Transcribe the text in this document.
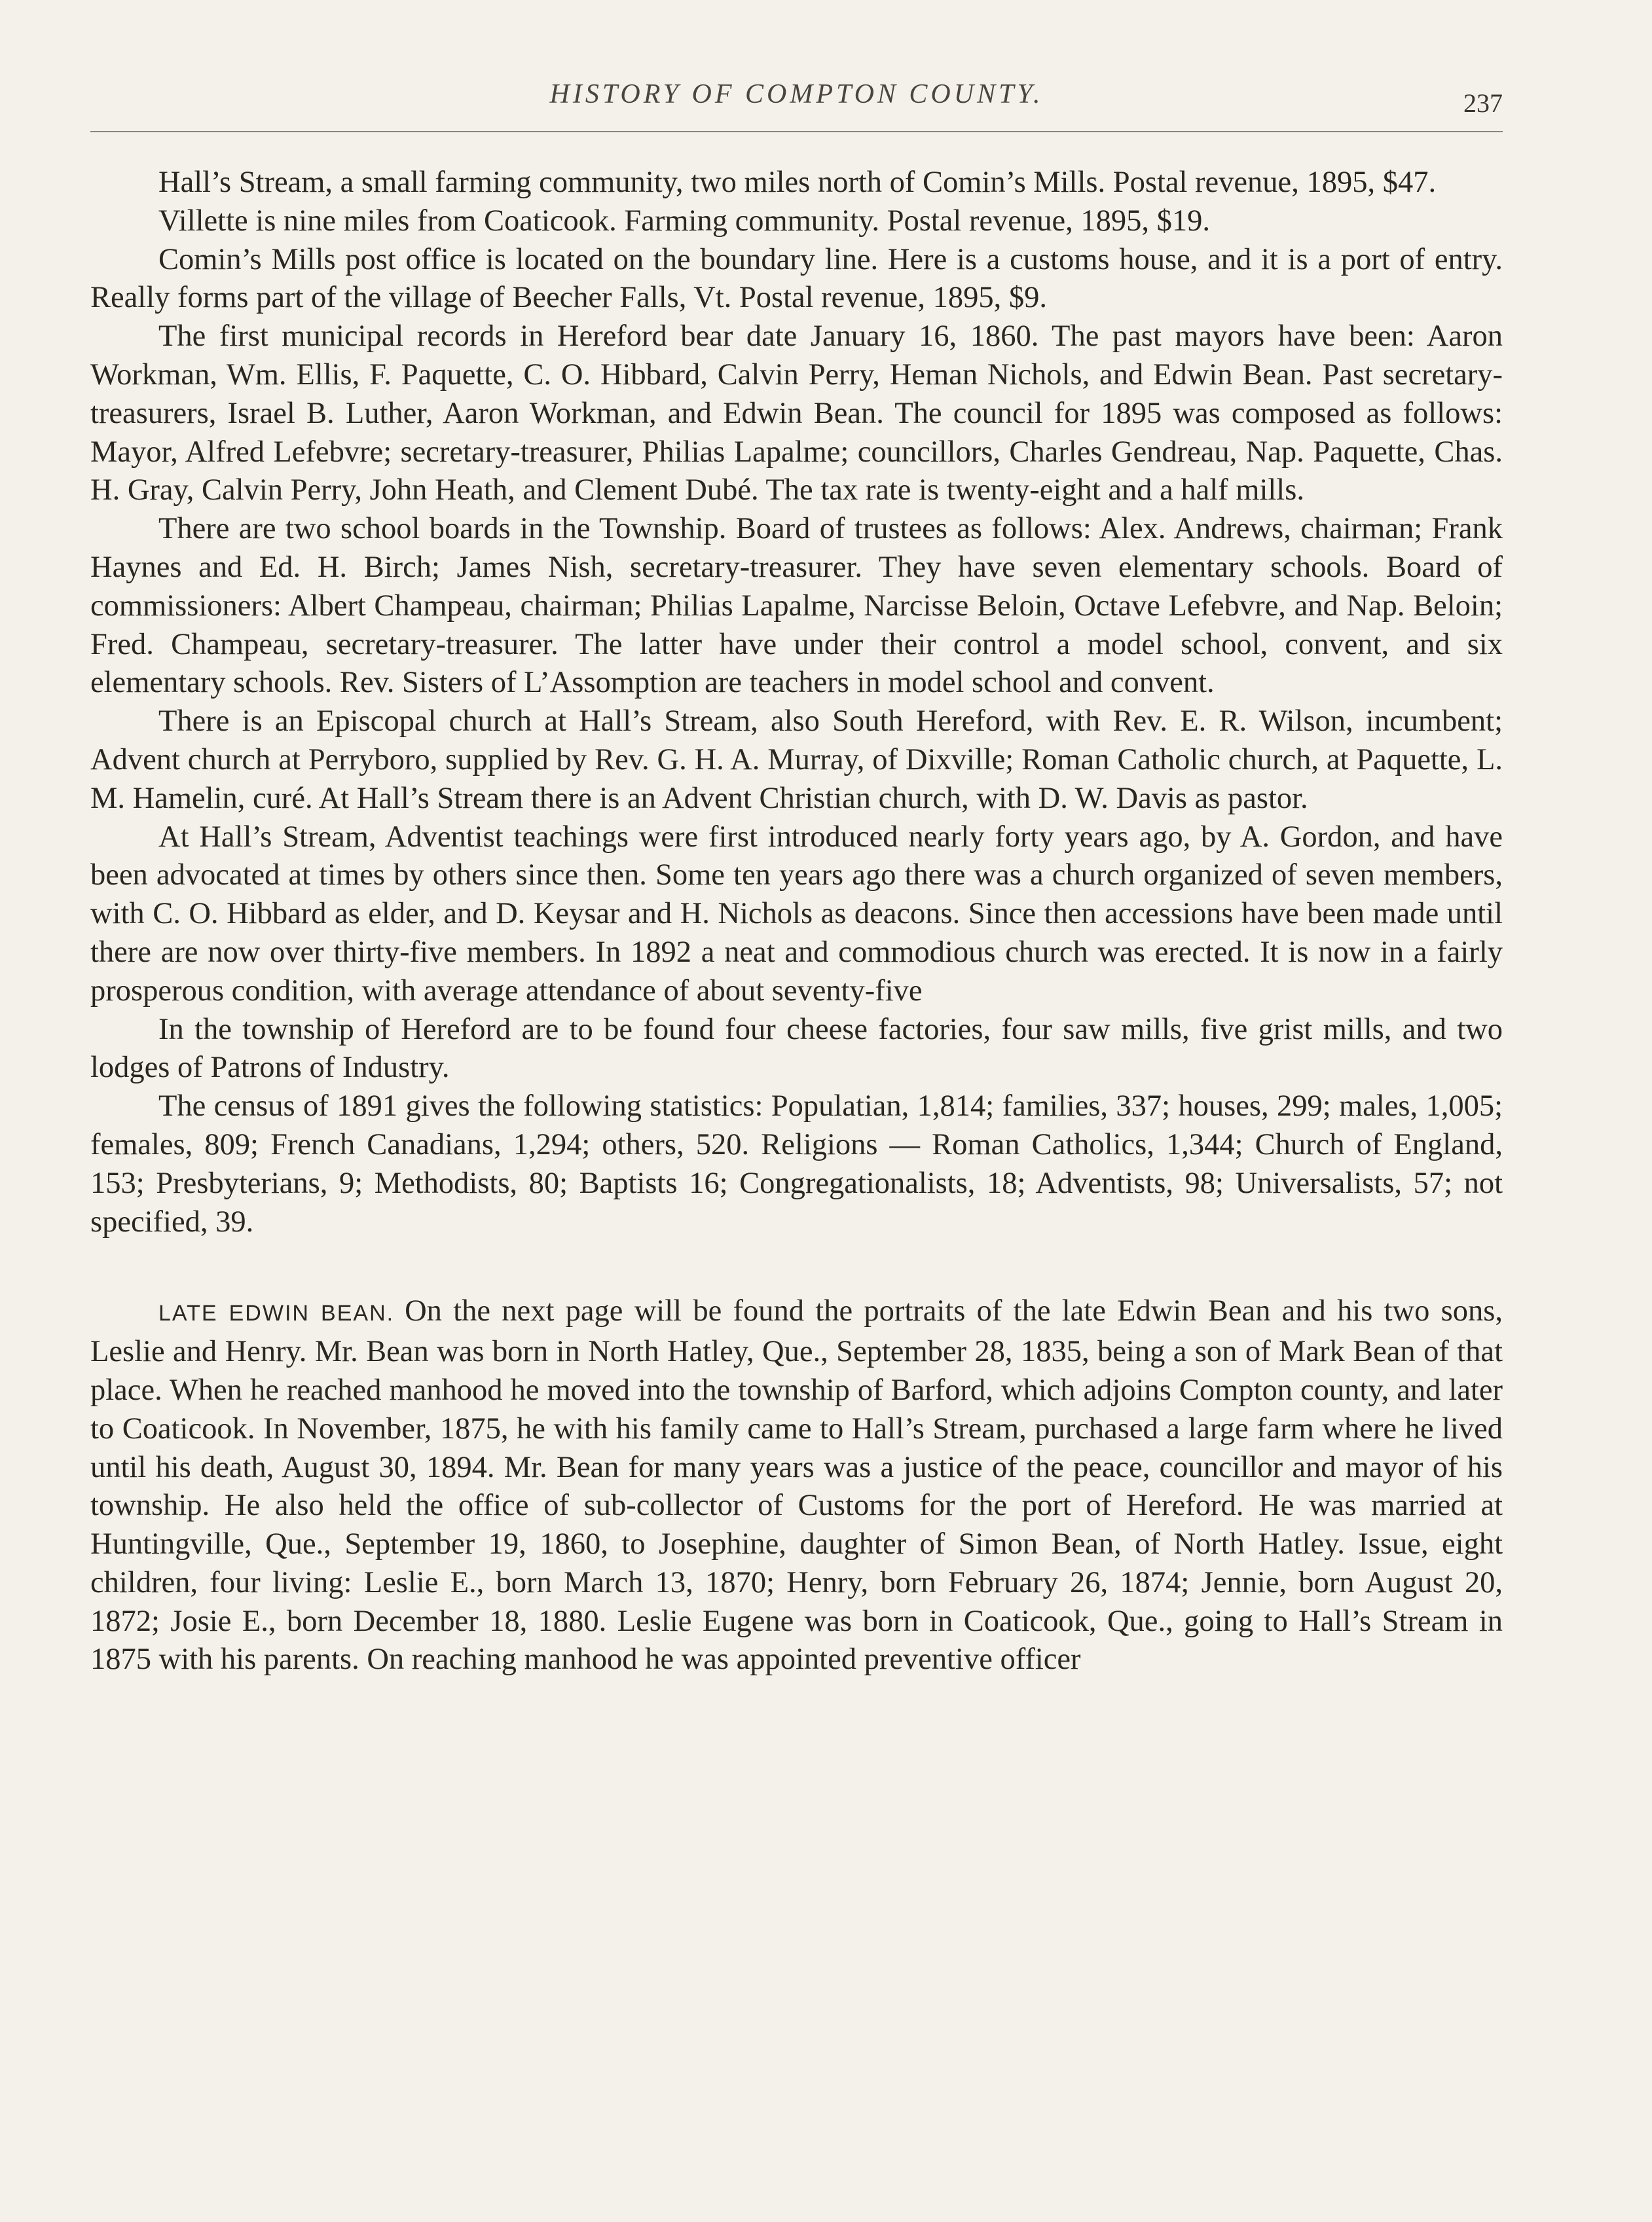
HISTORY OF COMPTON COUNTY.	237

Hall’s Stream, a small farming community, two miles north of Comin’s Mills. Postal revenue, 1895, $47.

Villette is nine miles from Coaticook. Farming community. Postal revenue, 1895, $19.

Comin’s Mills post office is located on the boundary line. Here is a customs house, and it is a port of entry. Really forms part of the village of Beecher Falls, Vt. Postal revenue, 1895, $9.

The first municipal records in Hereford bear date January 16, 1860. The past mayors have been: Aaron Workman, Wm. Ellis, F. Paquette, C. O. Hibbard, Calvin Perry, Heman Nichols, and Edwin Bean. Past secretary-treasurers, Israel B. Luther, Aaron Workman, and Edwin Bean. The council for 1895 was composed as follows: Mayor, Alfred Lefebvre; secretary-treasurer, Philias Lapalme; councillors, Charles Gendreau, Nap. Paquette, Chas. H. Gray, Calvin Perry, John Heath, and Clement Dubé. The tax rate is twenty-eight and a half mills.

There are two school boards in the Township. Board of trustees as follows: Alex. Andrews, chairman; Frank Haynes and Ed. H. Birch; James Nish, secretary-treasurer. They have seven elementary schools. Board of commissioners: Albert Champeau, chairman; Philias Lapalme, Narcisse Beloin, Octave Lefebvre, and Nap. Beloin; Fred. Champeau, secretary-treasurer. The latter have under their control a model school, convent, and six elementary schools. Rev. Sisters of L’Assomption are teachers in model school and convent.

There is an Episcopal church at Hall’s Stream, also South Hereford, with Rev. E. R. Wilson, incumbent; Advent church at Perryboro, supplied by Rev. G. H. A. Murray, of Dixville; Roman Catholic church, at Paquette, L. M. Hamelin, curé. At Hall’s Stream there is an Advent Christian church, with D. W. Davis as pastor.

At Hall’s Stream, Adventist teachings were first introduced nearly forty years ago, by A. Gordon, and have been advocated at times by others since then. Some ten years ago there was a church organized of seven members, with C. O. Hibbard as elder, and D. Keysar and H. Nichols as deacons. Since then accessions have been made until there are now over thirty-five members. In 1892 a neat and commodious church was erected. It is now in a fairly prosperous condition, with average attendance of about seventy-five

In the township of Hereford are to be found four cheese factories, four saw mills, five grist mills, and two lodges of Patrons of Industry.

The census of 1891 gives the following statistics: Populatian, 1,814; families, 337; houses, 299; males, 1,005; females, 809; French Canadians, 1,294; others, 520. Religions — Roman Catholics, 1,344; Church of England, 153; Presbyterians, 9; Methodists, 80; Baptists 16; Congregationalists, 18; Adventists, 98; Universalists, 57; not specified, 39.

LATE EDWIN BEAN. On the next page will be found the portraits of the late Edwin Bean and his two sons, Leslie and Henry. Mr. Bean was born in North Hatley, Que., September 28, 1835, being a son of Mark Bean of that place. When he reached manhood he moved into the township of Barford, which adjoins Compton county, and later to Coaticook. In November, 1875, he with his family came to Hall’s Stream, purchased a large farm where he lived until his death, August 30, 1894. Mr. Bean for many years was a justice of the peace, councillor and mayor of his township. He also held the office of sub-collector of Customs for the port of Hereford. He was married at Huntingville, Que., September 19, 1860, to Josephine, daughter of Simon Bean, of North Hatley. Issue, eight children, four living: Leslie E., born March 13, 1870; Henry, born February 26, 1874; Jennie, born August 20, 1872; Josie E., born December 18, 1880. Leslie Eugene was born in Coaticook, Que., going to Hall’s Stream in 1875 with his parents. On reaching manhood he was appointed preventive officer
